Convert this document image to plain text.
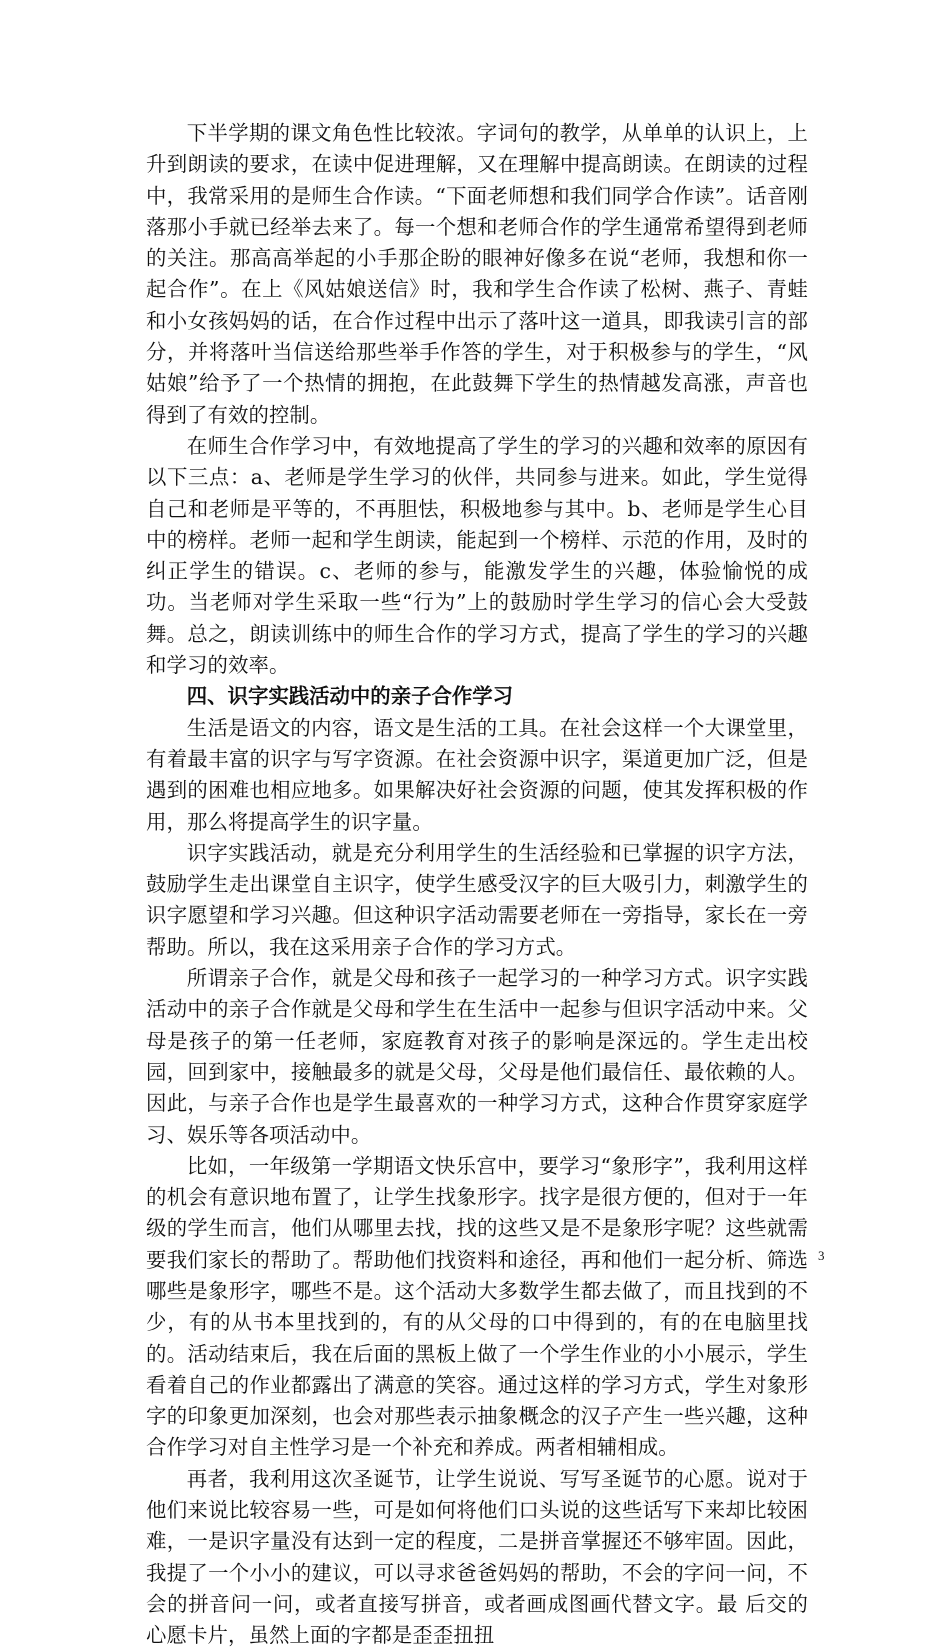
下半学期的课文角色性比较浓。字词句的教学，从单单的认识上，上升到朗读的要求，在读中促进理解，又在理解中提高朗读。在朗读的过程中，我常采用的是师生合作读。“下面老师想和我们同学合作读”。话音刚落那小手就已经举去来了。每一个想和老师合作的学生通常希望得到老师的关注。那高高举起的小手那企盼的眼神好像多在说“老师，我想和你一起合作”。在上《风姑娘送信》时，我和学生合作读了松树、燕子、青蛙和小女孩妈妈的话，在合作过程中出示了落叶这一道具，即我读引言的部分，并将落叶当信送给那些举手作答的学生，对于积极参与的学生，“风姑娘”给予了一个热情的拥抱，在此鼓舞下学生的热情越发高涨，声音也得到了有效的控制。

在师生合作学习中，有效地提高了学生的学习的兴趣和效率的原因有以下三点：a、老师是学生学习的伙伴，共同参与进来。如此，学生觉得自己和老师是平等的，不再胆怯，积极地参与其中。b、老师是学生心目中的榜样。老师一起和学生朗读，能起到一个榜样、示范的作用，及时的纠正学生的错误。c、老师的参与，能激发学生的兴趣，体验愉悦的成功。当老师对学生采取一些“行为”上的鼓励时学生学习的信心会大受鼓舞。总之，朗读训练中的师生合作的学习方式，提高了学生的学习的兴趣和学习的效率。

四、识字实践活动中的亲子合作学习

生活是语文的内容，语文是生活的工具。在社会这样一个大课堂里，有着最丰富的识字与写字资源。在社会资源中识字，渠道更加广泛，但是遇到的困难也相应地多。如果解决好社会资源的问题，使其发挥积极的作用，那么将提高学生的识字量。

识字实践活动，就是充分利用学生的生活经验和已掌握的识字方法，鼓励学生走出课堂自主识字，使学生感受汉字的巨大吸引力，刺激学生的识字愿望和学习兴趣。但这种识字活动需要老师在一旁指导，家长在一旁帮助。所以，我在这采用亲子合作的学习方式。

所谓亲子合作，就是父母和孩子一起学习的一种学习方式。识字实践活动中的亲子合作就是父母和学生在生活中一起参与但识字活动中来。父母是孩子的第一任老师，家庭教育对孩子的影响是深远的。学生走出校园，回到家中，接触最多的就是父母，父母是他们最信任、最依赖的人。因此，与亲子合作也是学生最喜欢的一种学习方式，这种合作贯穿家庭学习、娱乐等各项活动中。

比如，一年级第一学期语文快乐宫中，要学习“象形字”，我利用这样的机会有意识地布置了，让学生找象形字。找字是很方便的，但对于一年级的学生而言，他们从哪里去找，找的这些又是不是象形字呢？这些就需要我们家长的帮助了。帮助他们找资料和途径，再和他们一起分析、筛选哪些是象形字，哪些不是。这个活动大多数学生都去做了，而且找到的不少，有的从书本里找到的，有的从父母的口中得到的，有的在电脑里找的。活动结束后，我在后面的黑板上做了一个学生作业的小小展示，学生看着自己的作业都露出了满意的笑容。通过这样的学习方式，学生对象形字的印象更加深刻，也会对那些表示抽象概念的汉子产生一些兴趣，这种合作学习对自主性学习是一个补充和养成。两者相辅相成。

再者，我利用这次圣诞节，让学生说说、写写圣诞节的心愿。说对于他们来说比较容易一些，可是如何将他们口头说的这些话写下来却比较困难，一是识字量没有达到一定的程度，二是拼音掌握还不够牢固。因此，我提了一个小小的建议，可以寻求爸爸妈妈的帮助，不会的字问一问，不会的拼音问一问，或者直接写拼音，或者画成图画代替文字。最 后交的心愿卡片，虽然上面的字都是歪歪扭扭

3
